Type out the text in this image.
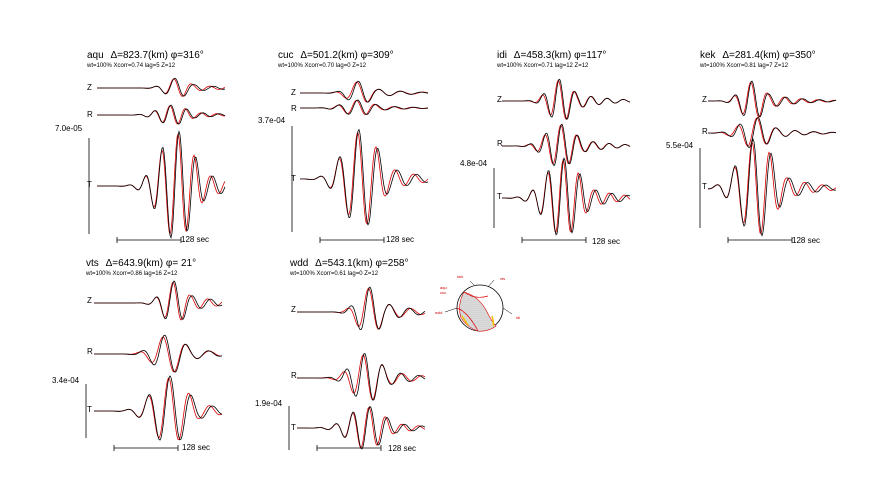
aqu Δ=823.7(km) φ=316°
wt=100% Xcorr=0.74 lag=5 Z=12
7.0e-05
Z
R
T
128 sec
cuc Δ=501.2(km) φ=309°
wt=100% Xcorr=0.70 lag=0 Z=12
3.7e-04
Z
R
T
128 sec
idi Δ=458.3(km) φ=117°
wt=100% Xcorr=0.71 lag=12 Z=12
4.8e-04
Z
R
T
128 sec
kek Δ=281.4(km) φ=350°
wt=100% Xcorr=0.81 lag=7 Z=12
5.5e-04
Z
R
T
128 sec
vts Δ=643.9(km) φ= 21°
wt=100% Xcorr=0.86 lag=16 Z=12
3.4e-04
Z
R
T
128 sec
wdd Δ=543.1(km) φ=258°
wt=100% Xcorr=0.61 lag=0 Z=12
1.9e-04
Z
R
T
128 sec
kek
aqu
cuc
idi
vts
wdd
